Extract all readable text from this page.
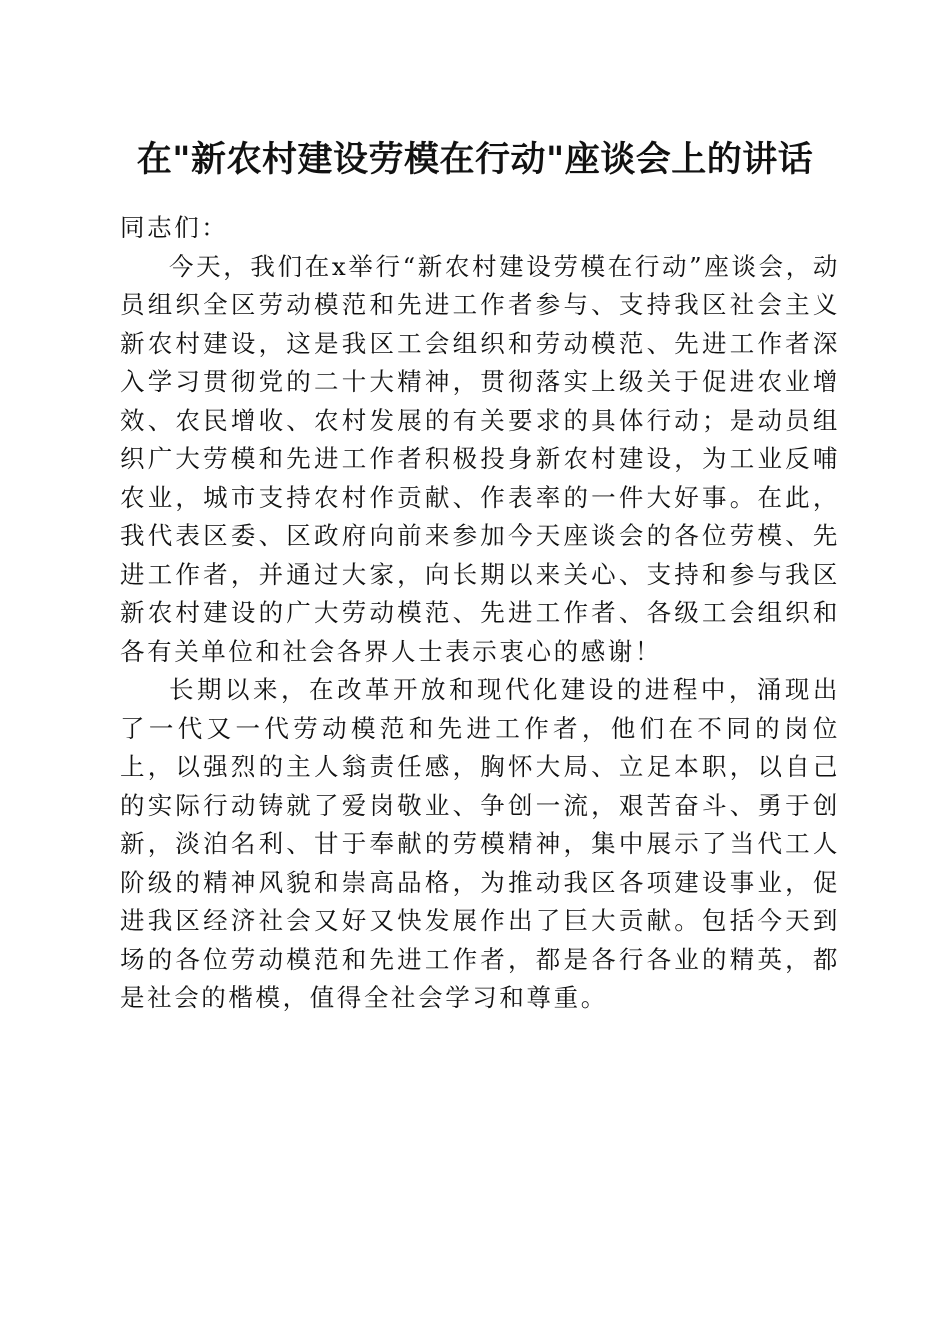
在"新农村建设劳模在行动"座谈会上的讲话

同志们：

今天，我们在x举行“新农村建设劳模在行动”座谈会，动员组织全区劳动模范和先进工作者参与、支持我区社会主义新农村建设，这是我区工会组织和劳动模范、先进工作者深入学习贯彻党的二十大精神，贯彻落实上级关于促进农业增效、农民增收、农村发展的有关要求的具体行动；是动员组织广大劳模和先进工作者积极投身新农村建设，为工业反哺农业，城市支持农村作贡献、作表率的一件大好事。在此，我代表区委、区政府向前来参加今天座谈会的各位劳模、先进工作者，并通过大家，向长期以来关心、支持和参与我区新农村建设的广大劳动模范、先进工作者、各级工会组织和各有关单位和社会各界人士表示衷心的感谢！

长期以来，在改革开放和现代化建设的进程中，涌现出了一代又一代劳动模范和先进工作者，他们在不同的岗位上，以强烈的主人翁责任感，胸怀大局、立足本职，以自己的实际行动铸就了爱岗敬业、争创一流，艰苦奋斗、勇于创新，淡泊名利、甘于奉献的劳模精神，集中展示了当代工人阶级的精神风貌和崇高品格，为推动我区各项建设事业，促进我区经济社会又好又快发展作出了巨大贡献。包括今天到场的各位劳动模范和先进工作者，都是各行各业的精英，都是社会的楷模，值得全社会学习和尊重。
